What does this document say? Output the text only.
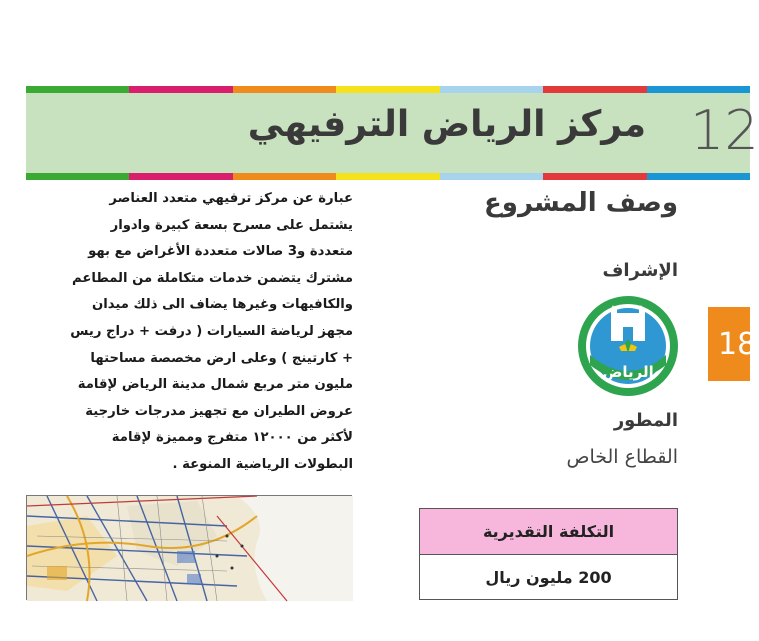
مركز الرياض الترفيهي 12
18
وصف المشروع
الإشراف
الرياض
المطور
القطاع الخاص

عبارة عن مركز ترفيهي متعدد العناصر

يشتمل على مسرح بسعة كبيرة وادوار

متعددة و3 صالات متعددة الأغراض مع بهو

مشترك يتضمن خدمات متكاملة من المطاعم

والكافيهات وغيرها يضاف الى ذلك ميدان

مجهز لرياضة السيارات ( درفت + دراج ريس

+ كارتينج ) وعلى ارض مخصصة مساحتها

مليون متر مربع شمال مدينة الرياض لإقامة

عروض الطيران مع تجهيز مدرجات خارجية

لأكثر من ١٢٠٠٠ متفرج ومميزة لإقامة

البطولات الرياضية المنوعة .

التكلفة التقديرية
200 مليون ريال
